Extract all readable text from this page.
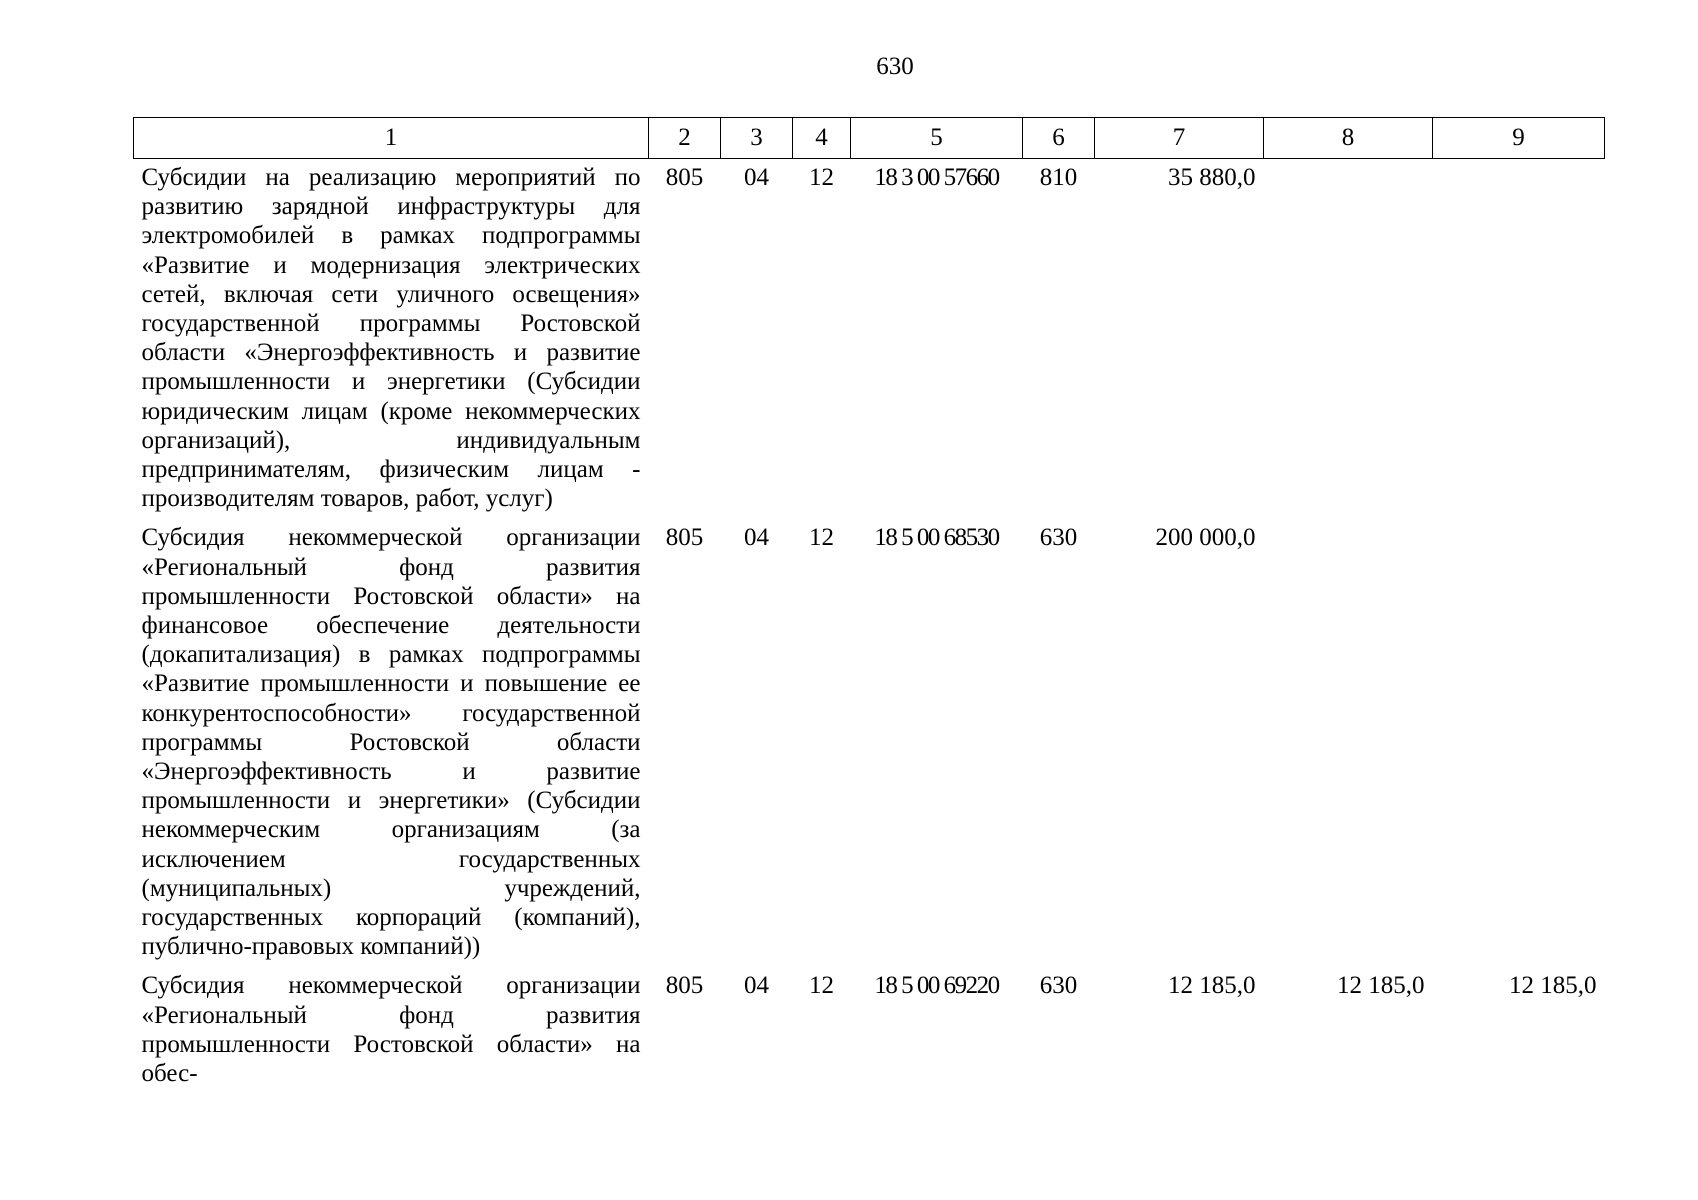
630
1	2	3	4	5	6	7	8	9
Субсидии на реализацию мероприятий по развитию зарядной инфраструктуры для электромобилей в рамках подпрограммы «Развитие и модернизация электрических сетей, включая сети уличного освещения» государственной программы Ростовской области «Энергоэффективность и развитие промышленности и энергетики (Субсидии юридическим лицам (кроме некоммерческих организаций), индивидуальным предпринимателям, физическим лицам - производителям товаров, работ, услуг)	805	04	12	18 3 00 57660	810	35 880,0		
Субсидия некоммерческой организации «Региональный фонд развития промышленности Ростовской области» на финансовое обеспечение деятельности (докапитализация) в рамках подпрограммы «Развитие промышленности и повышение ее конкурентоспособности» государственной программы Ростовской области «Энергоэффективность и развитие промышленности и энергетики» (Субсидии некоммерческим организациям (за исключением государственных (муниципальных) учреждений, государственных корпораций (компаний), публично-правовых компаний))	805	04	12	18 5 00 68530	630	200 000,0		
Субсидия некоммерческой организации «Региональный фонд развития промышленности Ростовской области» на обес-	805	04	12	18 5 00 69220	630	12 185,0	12 185,0	12 185,0
